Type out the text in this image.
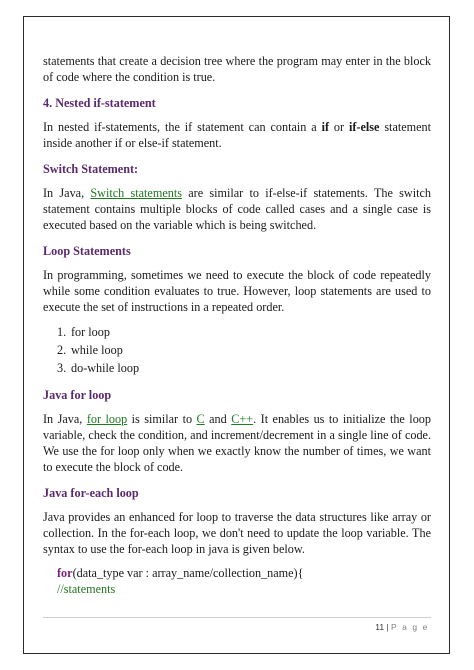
statements that create a decision tree where the program may enter in the block of code where the condition is true.

4. Nested if-statement

In nested if-statements, the if statement can contain a if or if-else statement inside another if or else-if statement.

Switch Statement:

In Java, Switch statements are similar to if-else-if statements. The switch statement contains multiple blocks of code called cases and a single case is executed based on the variable which is being switched.

Loop Statements

In programming, sometimes we need to execute the block of code repeatedly while some condition evaluates to true. However, loop statements are used to execute the set of instructions in a repeated order.

1. for loop
2. while loop
3. do-while loop
Java for loop

In Java, for loop is similar to C and C++. It enables us to initialize the loop variable, check the condition, and increment/decrement in a single line of code. We use the for loop only when we exactly know the number of times, we want to execute the block of code.

Java for-each loop

Java provides an enhanced for loop to traverse the data structures like array or collection. In the for-each loop, we don't need to update the loop variable. The syntax to use the for-each loop in java is given below.

for(data_type var : array_name/collection_name){
//statements
11 | P a g e
